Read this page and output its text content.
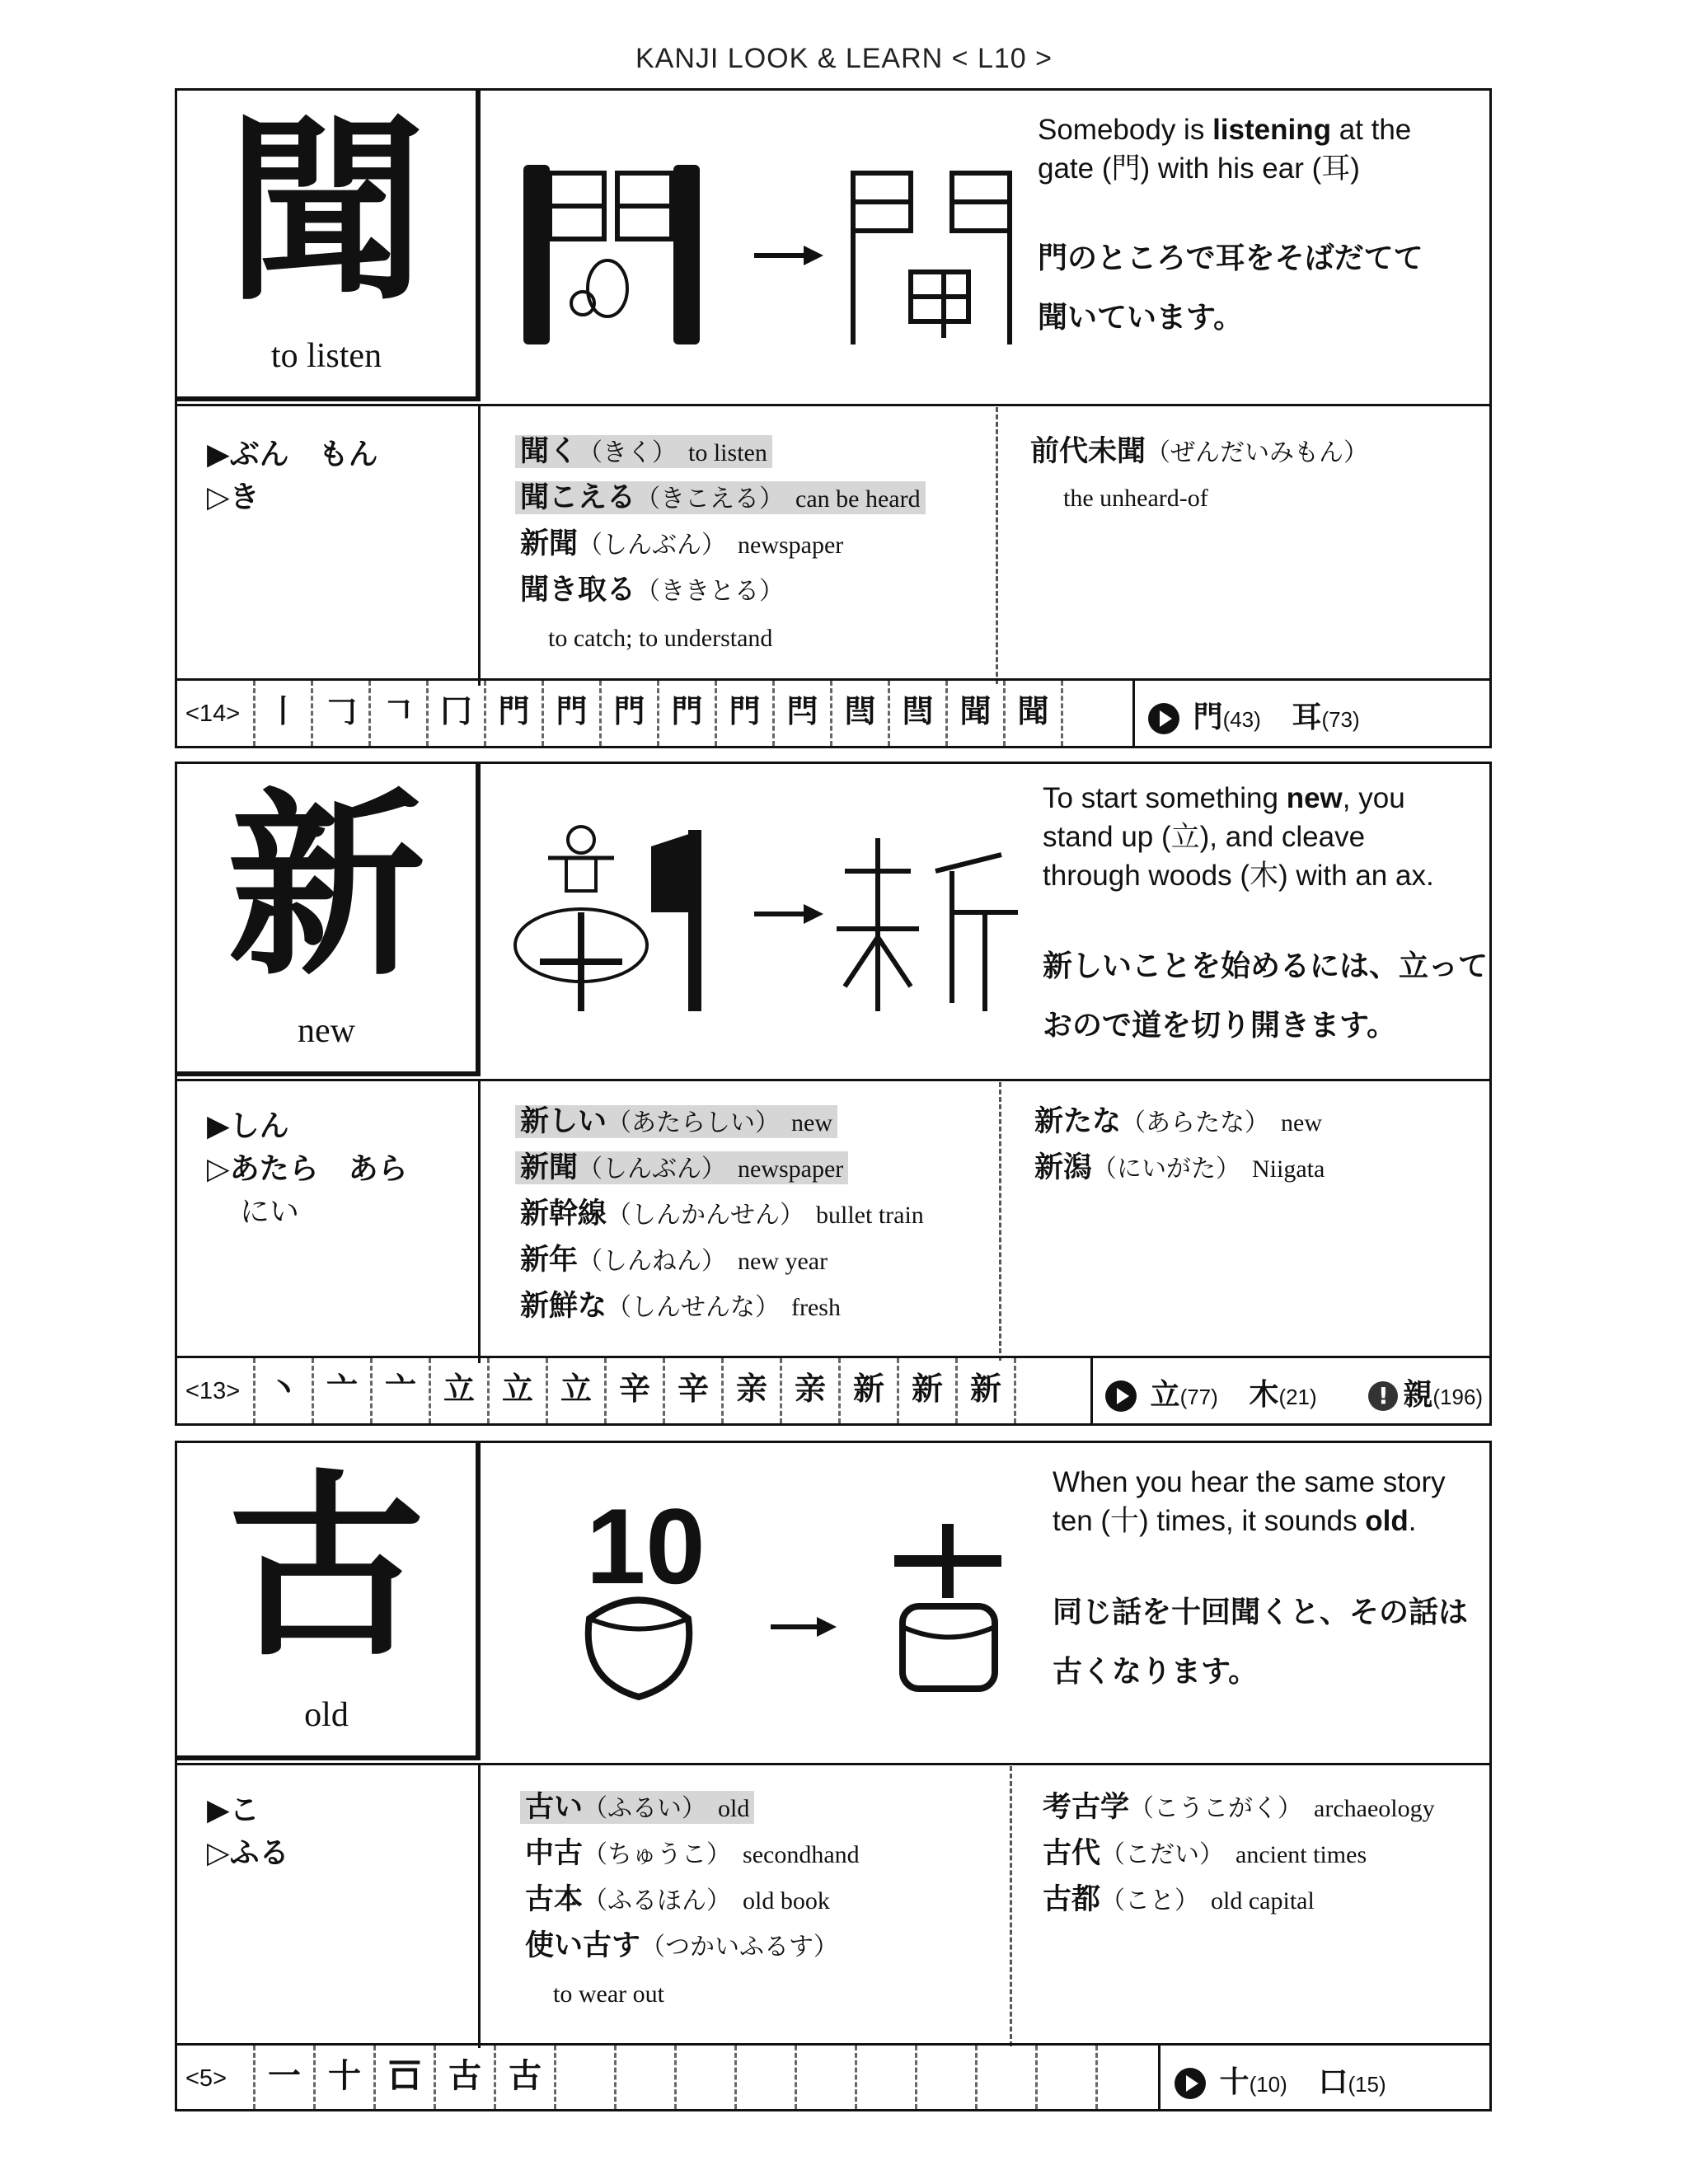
KANJI LOOK & LEARN < L10 >
聞
to listen
Somebody is listening at the
gate (門) with his ear (耳)
門のところで耳をそばだてて
聞いています。
▶ぶん　もん
▷き
聞く（きく） to listen
聞こえる（きこえる） can be heard
新聞（しんぶん） newspaper
聞き取る（ききとる）
to catch; to understand
前代未聞（ぜんだいみもん）
the unheard-of
<14>	門(43) 耳(73)
丨 𠃌 𠃍 冂 門 門 門 門 門 閂 閆 閆 聞 聞
新
new
To start something new, you
stand up (立), and cleave
through woods (木) with an ax.
新しいことを始めるには、立って
おので道を切り開きます。
▶しん
▷あたら　あら
にい
新しい（あたらしい） new
新聞（しんぶん） newspaper
新幹線（しんかんせん） bullet train
新年（しんねん） new year
新鮮な（しんせんな） fresh
新たな（あらたな） new
新潟（にいがた） Niigata
<13>	立(77) 木(21)	! 親(196)
丶 亠 亠 立 立 立 辛 辛 亲 亲 新 新 新
古
old
10
When you hear the same story
ten (十) times, it sounds old.
同じ話を十回聞くと、その話は
古くなります。
▶こ
▷ふる
古い（ふるい） old
中古（ちゅうこ） secondhand
古本（ふるほん） old book
使い古す（つかいふるす）
to wear out
考古学（こうこがく） archaeology
古代（こだい） ancient times
古都（こと） old capital
<5>	十(10) 口(15)
一 十 𠮛 古 古
